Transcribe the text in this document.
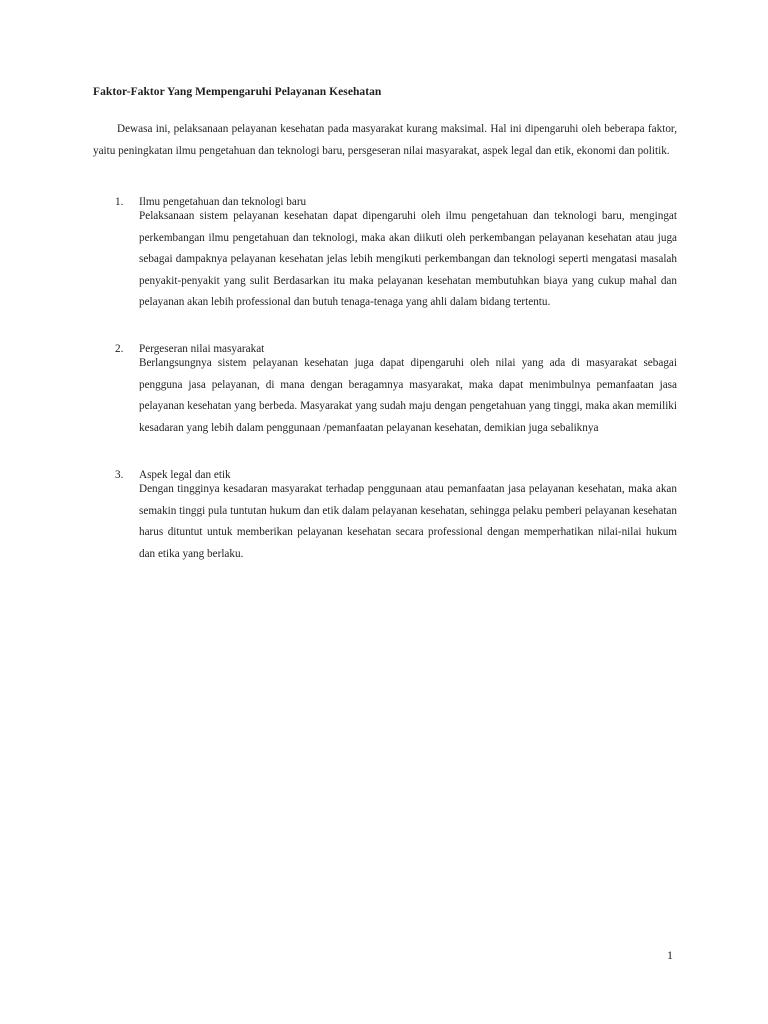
Faktor-Faktor Yang Mempengaruhi Pelayanan Kesehatan

Dewasa ini, pelaksanaan pelayanan kesehatan pada masyarakat kurang maksimal. Hal ini dipengaruhi oleh beberapa faktor, yaitu peningkatan ilmu pengetahuan dan teknologi baru, persgeseran nilai masyarakat, aspek legal dan etik, ekonomi dan politik.

1. Ilmu pengetahuan dan teknologi baru

Pelaksanaan sistem pelayanan kesehatan dapat dipengaruhi oleh ilmu pengetahuan dan teknologi baru, mengingat perkembangan ilmu pengetahuan dan teknologi, maka akan diikuti oleh perkembangan pelayanan kesehatan atau juga sebagai dampaknya pelayanan kesehatan jelas lebih mengikuti perkembangan dan teknologi seperti mengatasi masalah penyakit-penyakit yang sulit Berdasarkan itu maka pelayanan kesehatan membutuhkan biaya yang cukup mahal dan pelayanan akan lebih professional dan butuh tenaga-tenaga yang ahli dalam bidang tertentu.

2. Pergeseran nilai masyarakat

Berlangsungnya sistem pelayanan kesehatan juga dapat dipengaruhi oleh nilai yang ada di masyarakat sebagai pengguna jasa pelayanan, di mana dengan beragamnya masyarakat, maka dapat menimbulnya pemanfaatan jasa pelayanan kesehatan yang berbeda. Masyarakat yang sudah maju dengan pengetahuan yang tinggi, maka akan memiliki kesadaran yang lebih dalam penggunaan /pemanfaatan pelayanan kesehatan, demikian juga sebaliknya

3. Aspek legal dan etik

Dengan tingginya kesadaran masyarakat terhadap penggunaan atau pemanfaatan jasa pelayanan kesehatan, maka akan semakin tinggi pula tuntutan hukum dan etik dalam pelayanan kesehatan, sehingga pelaku pemberi pelayanan kesehatan harus dituntut untuk memberikan pelayanan kesehatan secara professional dengan memperhatikan nilai-nilai hukum dan etika yang berlaku.

1
